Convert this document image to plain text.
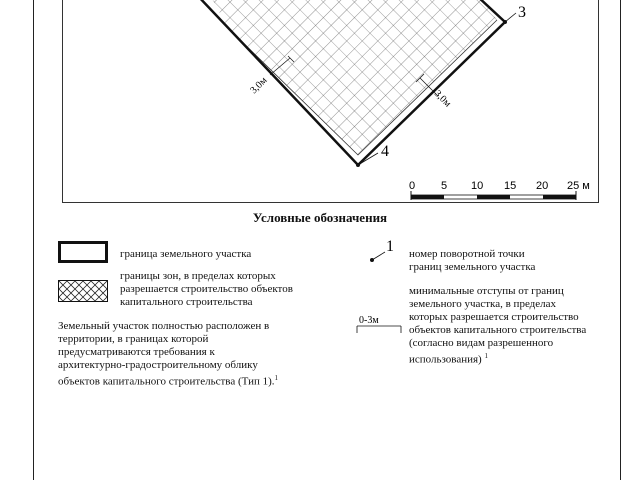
3
4
3,0м
3,0м
0 5 10 15 20 25 м
Условные обозначения
граница земельного участка
границы зон, в пределах которых
разрешается строительство объектов
капитального строительства
Земельный участок полностью расположен в
территории, в границах которой
предусматриваются требования к
архитектурно-градостроительному облику
объектов капитального строительства (Тип 1).$^1$
1 номер поворотной точки
границ земельного участка
0-3м
минимальные отступы от границ
земельного участка, в пределах
которых разрешается строительство
объектов капитального строительства
(согласно видам разрешенного
использования) $^1$
